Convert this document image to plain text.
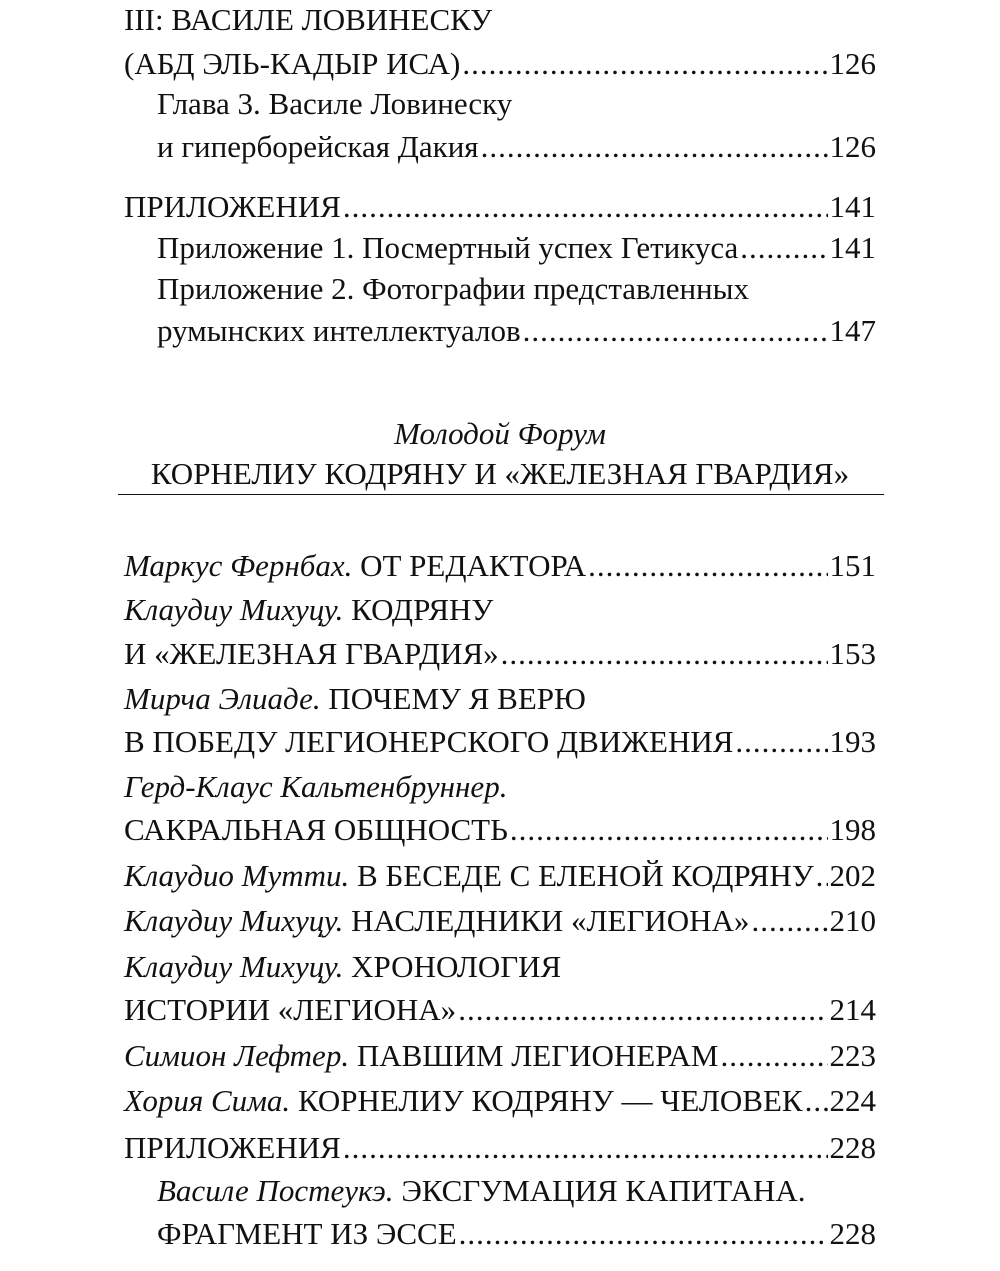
III: ВАСИЛЕ ЛОВИНЕСКУ
(АБД ЭЛЬ-КАДЫР ИСА) .....	126
Глава 3. Василе Ловинеску
и гиперборейская Дакия .....	126
ПРИЛОЖЕНИЯ .....	141
Приложение 1. Посмертный успех Гетикуса .....	141
Приложение 2. Фотографии представленных
румынских интеллектуалов .....	147
Молодой Форум
КОРНЕЛИУ КОДРЯНУ И «ЖЕЛЕЗНАЯ ГВАРДИЯ»
Маркус Фернбах. ОТ РЕДАКТОРА .....	151
Клаудиу Михуцу. КОДРЯНУ
И «ЖЕЛЕЗНАЯ ГВАРДИЯ» .....	153
Мирча Элиаде. ПОЧЕМУ Я ВЕРЮ
В ПОБЕДУ ЛЕГИОНЕРСКОГО ДВИЖЕНИЯ .....	193
Герд-Клаус Кальтенбруннер.
САКРАЛЬНАЯ ОБЩНОСТЬ .....	198
Клаудио Мутти. В БЕСЕДЕ С ЕЛЕНОЙ КОДРЯНУ ..... 202
Клаудиу Михуцу. НАСЛЕДНИКИ «ЛЕГИОНА» .....	210
Клаудиу Михуцу. ХРОНОЛОГИЯ
ИСТОРИИ «ЛЕГИОНА» .....	214
Симион Лефтер. ПАВШИМ ЛЕГИОНЕРАМ .....	223
Хория Сима. КОРНЕЛИУ КОДРЯНУ — ЧЕЛОВЕК ..... 224
ПРИЛОЖЕНИЯ .....	228
Василе Постеукэ. ЭКСГУМАЦИЯ КАПИТАНА.
ФРАГМЕНТ ИЗ ЭССЕ .....	228
